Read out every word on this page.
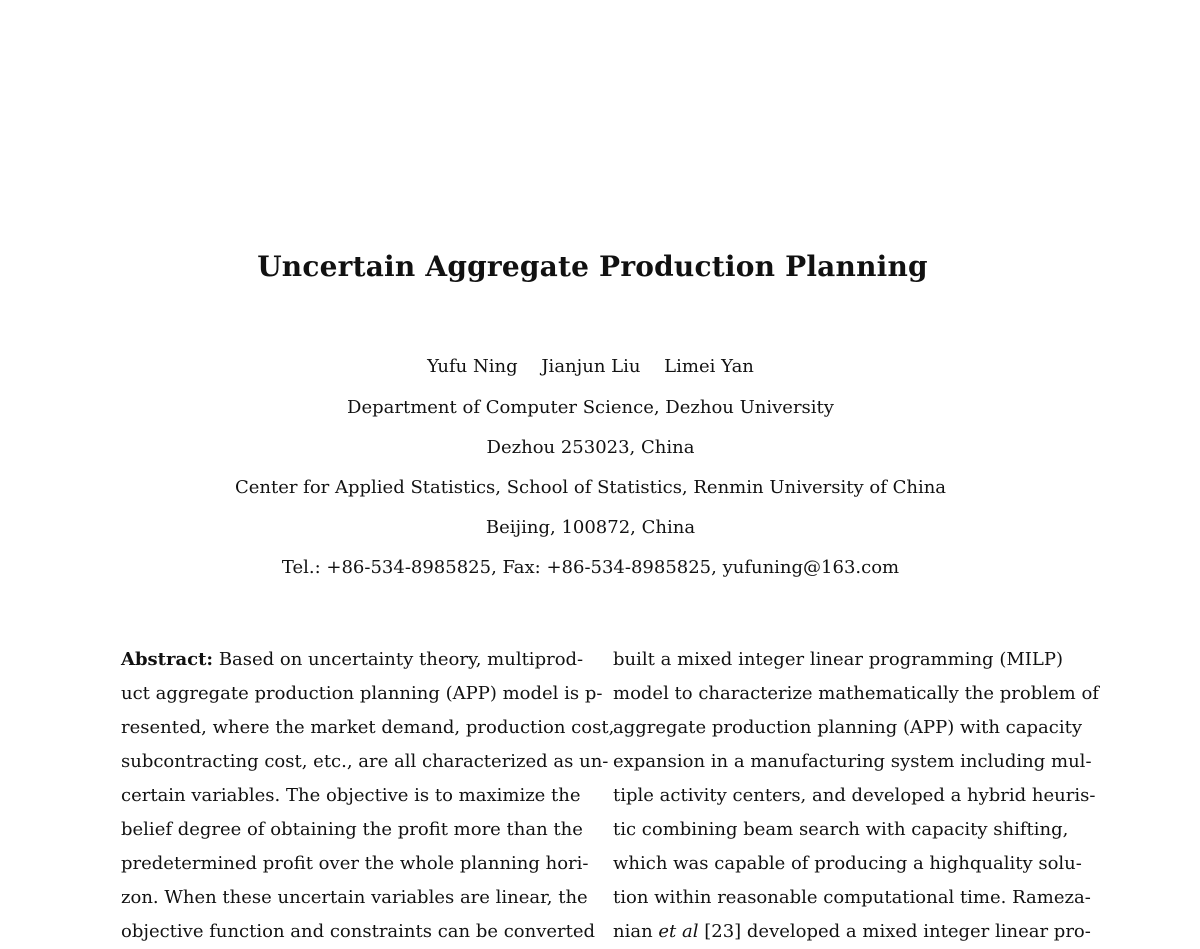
Uncertain Aggregate Production Planning
Yufu Ning Jianjun Liu Limei Yan
Department of Computer Science, Dezhou University
Dezhou 253023, China
Center for Applied Statistics, School of Statistics, Renmin University of China
Beijing, 100872, China
Tel.: +86-534-8985825, Fax: +86-534-8985825, yufuning@163.com
Abstract: Based on uncertainty theory, multiprod-
uct aggregate production planning (APP) model is p-
resented, where the market demand, production cost,
subcontracting cost, etc., are all characterized as un-
certain variables. The objective is to maximize the
belief degree of obtaining the profit more than the
predetermined profit over the whole planning hori-
zon. When these uncertain variables are linear, the
objective function and constraints can be converted
built a mixed integer linear programming (MILP)
model to characterize mathematically the problem of
aggregate production planning (APP) with capacity
expansion in a manufacturing system including mul-
tiple activity centers, and developed a hybrid heuris-
tic combining beam search with capacity shifting,
which was capable of producing a highquality solu-
tion within reasonable computational time. Rameza-
nian et al [23] developed a mixed integer linear pro-
